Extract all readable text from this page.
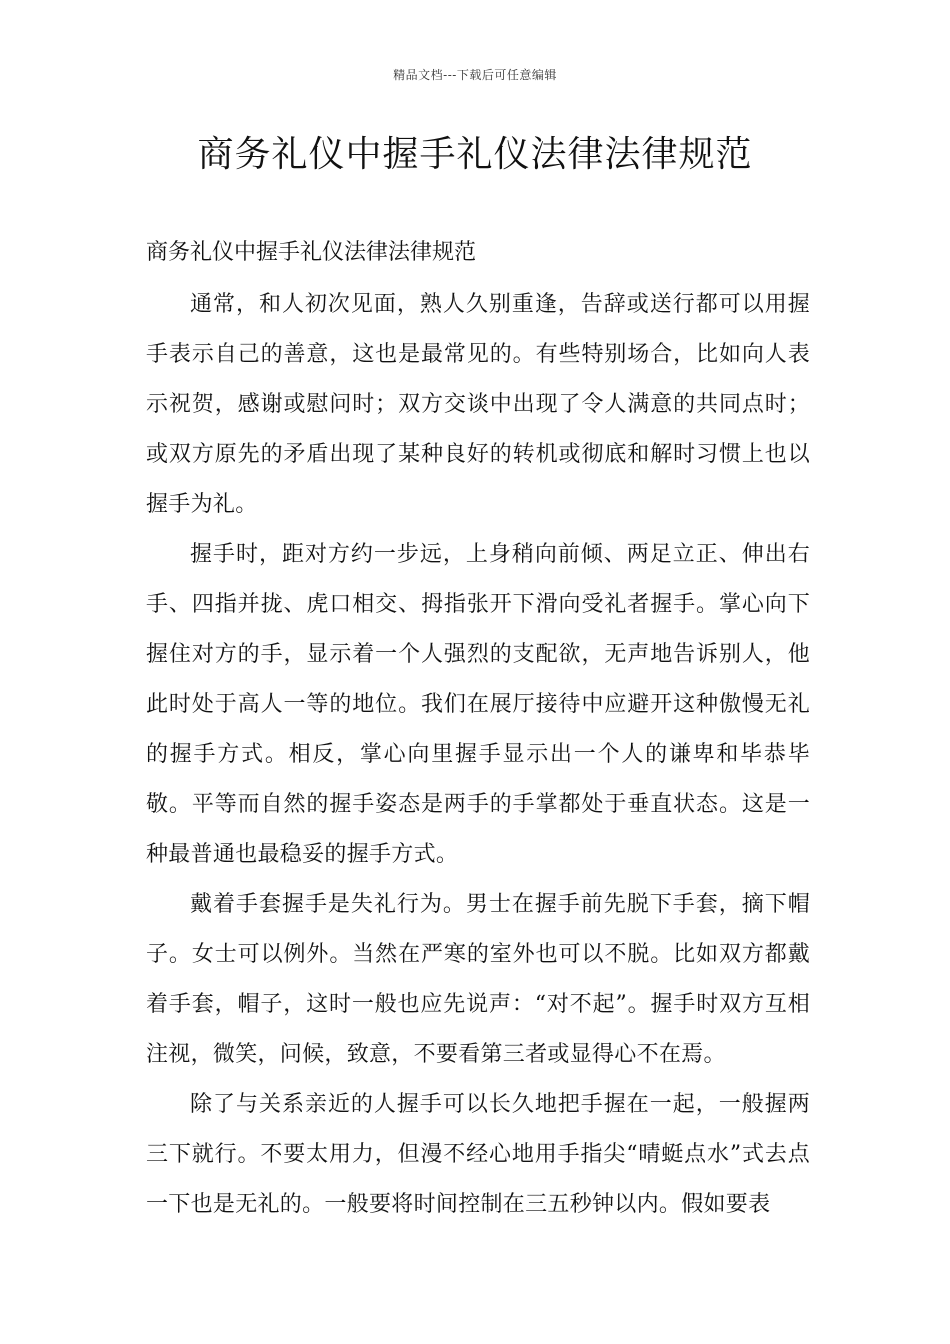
精品文档---下载后可任意编辑
商务礼仪中握手礼仪法律法律规范

商务礼仪中握手礼仪法律法律规范

通常，和人初次见面，熟人久别重逢，告辞或送行都可以用握手表示自己的善意，这也是最常见的。有些特别场合，比如向人表示祝贺，感谢或慰问时；双方交谈中出现了令人满意的共同点时；或双方原先的矛盾出现了某种良好的转机或彻底和解时习惯上也以握手为礼。

握手时，距对方约一步远，上身稍向前倾、两足立正、伸出右手、四指并拢、虎口相交、拇指张开下滑向受礼者握手。掌心向下握住对方的手，显示着一个人强烈的支配欲，无声地告诉别人，他此时处于高人一等的地位。我们在展厅接待中应避开这种傲慢无礼的握手方式。相反，掌心向里握手显示出一个人的谦卑和毕恭毕敬。平等而自然的握手姿态是两手的手掌都处于垂直状态。这是一种最普通也最稳妥的握手方式。

戴着手套握手是失礼行为。男士在握手前先脱下手套，摘下帽子。女士可以例外。当然在严寒的室外也可以不脱。比如双方都戴着手套，帽子，这时一般也应先说声：“对不起”。握手时双方互相注视，微笑，问候，致意，不要看第三者或显得心不在焉。

除了与关系亲近的人握手可以长久地把手握在一起，一般握两三下就行。不要太用力，但漫不经心地用手指尖“晴蜓点水”式去点一下也是无礼的。一般要将时间控制在三五秒钟以内。假如要表
